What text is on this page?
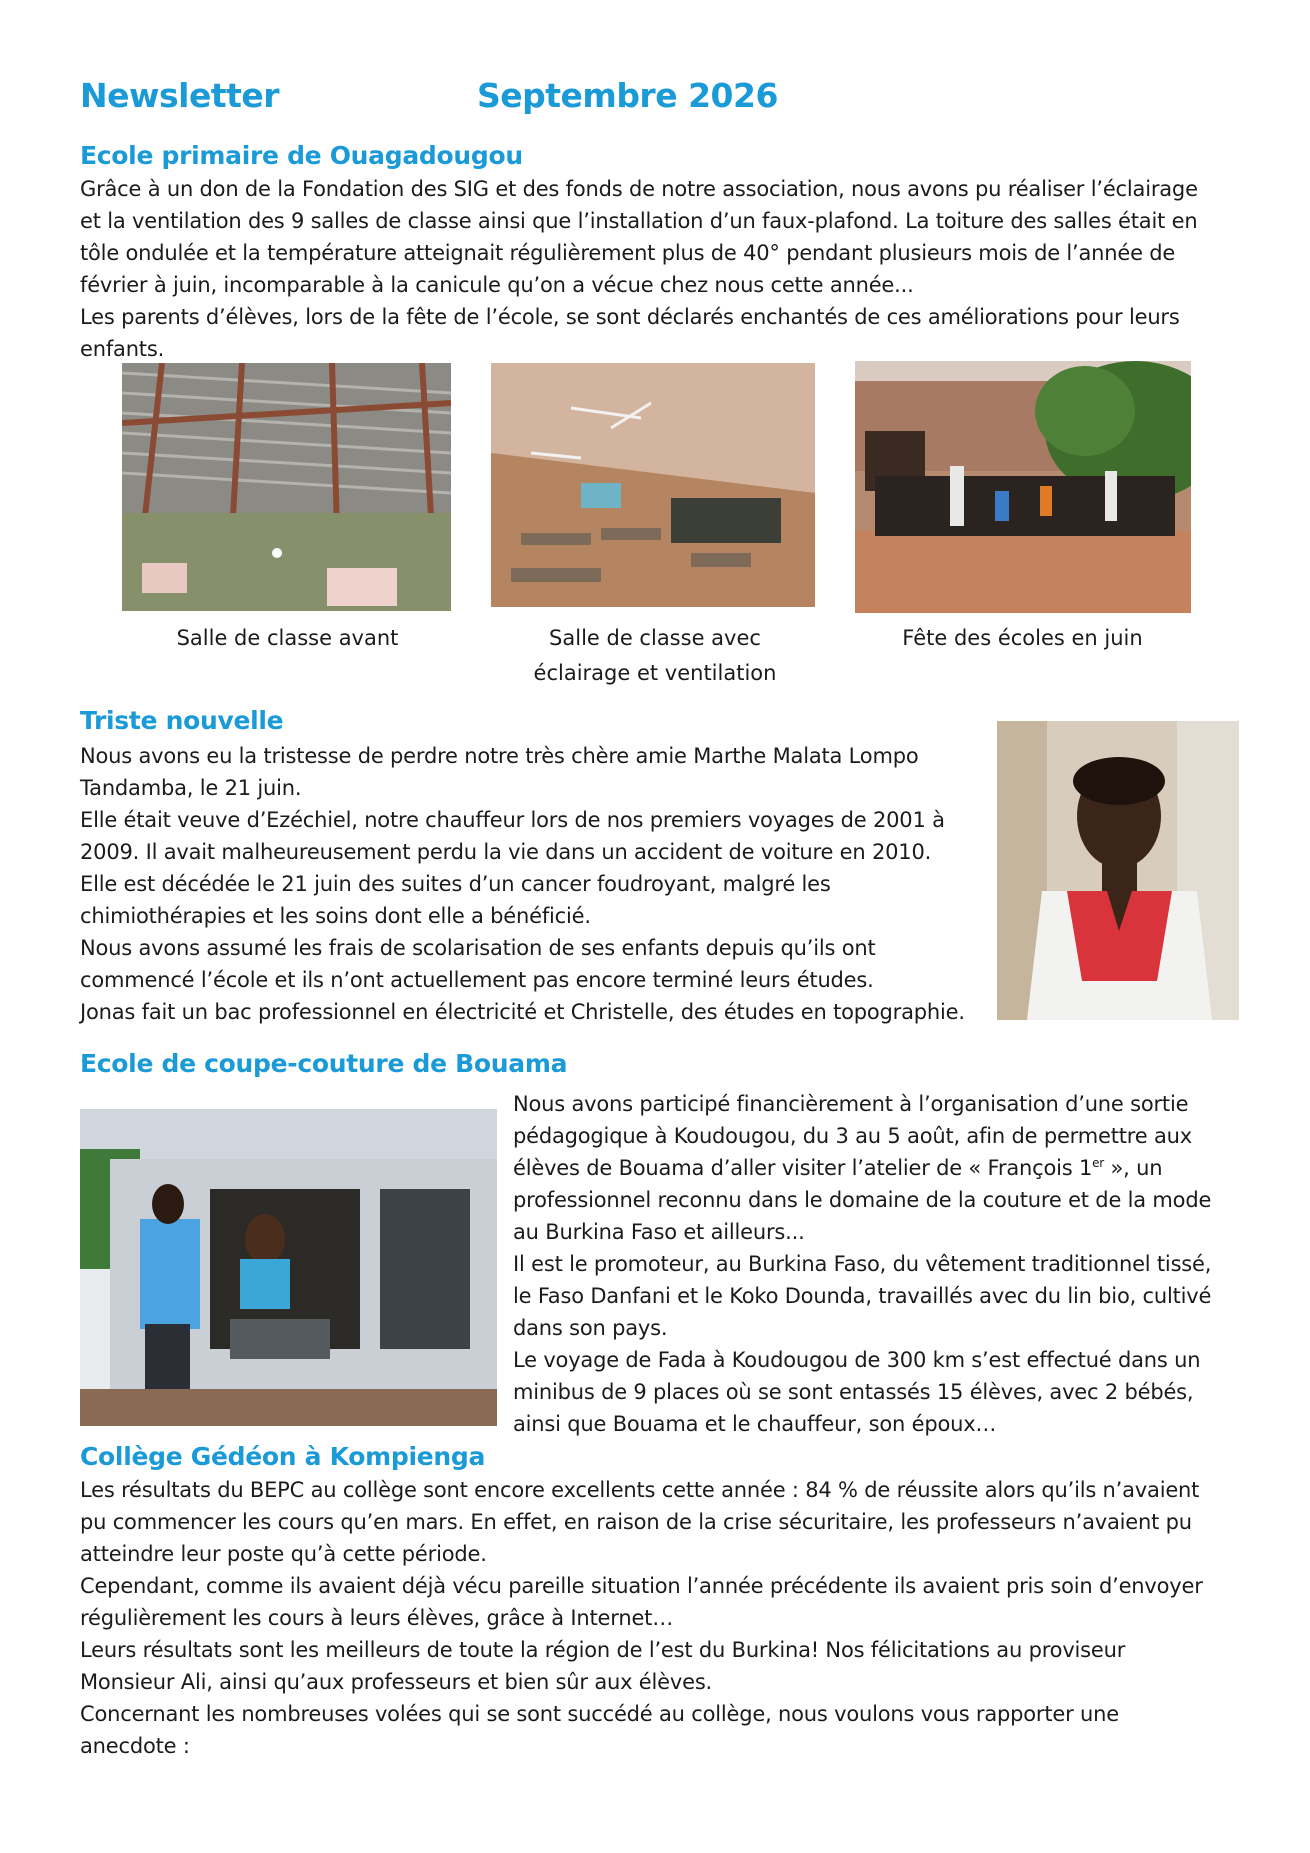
Newsletter	Septembre 2026
Ecole primaire de Ouagadougou

Grâce à un don de la Fondation des SIG et des fonds de notre association, nous avons pu réaliser l’éclairage

et la ventilation des 9 salles de classe ainsi que l’installation d’un faux-plafond. La toiture des salles était en

tôle ondulée et la température atteignait régulièrement plus de 40° pendant plusieurs mois de l’année de

février à juin, incomparable à la canicule qu’on a vécue chez nous cette année...

Les parents d’élèves, lors de la fête de l’école, se sont déclarés enchantés de ces améliorations pour leurs

enfants.

Salle de classe avant	Salle de classe avec

éclairage et ventilation

Fête des écoles en juin

Triste nouvelle

Nous avons eu la tristesse de perdre notre très chère amie Marthe Malata Lompo

Tandamba, le 21 juin.

Elle était veuve d’Ezéchiel, notre chauffeur lors de nos premiers voyages de 2001 à

2009. Il avait malheureusement perdu la vie dans un accident de voiture en 2010.

Elle est décédée le 21 juin des suites d’un cancer foudroyant, malgré les

chimiothérapies et les soins dont elle a bénéficié.

Nous avons assumé les frais de scolarisation de ses enfants depuis qu’ils ont

commencé l’école et ils n’ont actuellement pas encore terminé leurs études.

Jonas fait un bac professionnel en électricité et Christelle, des études en topographie.

Ecole de coupe-couture de Bouama

Nous avons participé financièrement à l’organisation d’une sortie

pédagogique à Koudougou, du 3 au 5 août, afin de permettre aux

élèves de Bouama d’aller visiter l’atelier de « François 1er », un

professionnel reconnu dans le domaine de la couture et de la mode

au Burkina Faso et ailleurs...

Il est le promoteur, au Burkina Faso, du vêtement traditionnel tissé,

le Faso Danfani et le Koko Dounda, travaillés avec du lin bio, cultivé

dans son pays.

Le voyage de Fada à Koudougou de 300 km s’est effectué dans un

minibus de 9 places où se sont entassés 15 élèves, avec 2 bébés,

ainsi que Bouama et le chauffeur, son époux…

Collège Gédéon à Kompienga

Les résultats du BEPC au collège sont encore excellents cette année : 84 % de réussite alors qu’ils n’avaient

pu commencer les cours qu’en mars. En effet, en raison de la crise sécuritaire, les professeurs n’avaient pu

atteindre leur poste qu’à cette période.

Cependant, comme ils avaient déjà vécu pareille situation l’année précédente ils avaient pris soin d’envoyer

régulièrement les cours à leurs élèves, grâce à Internet…

Leurs résultats sont les meilleurs de toute la région de l’est du Burkina! Nos félicitations au proviseur

Monsieur Ali, ainsi qu’aux professeurs et bien sûr aux élèves.

Concernant les nombreuses volées qui se sont succédé au collège, nous voulons vous rapporter une

anecdote :
